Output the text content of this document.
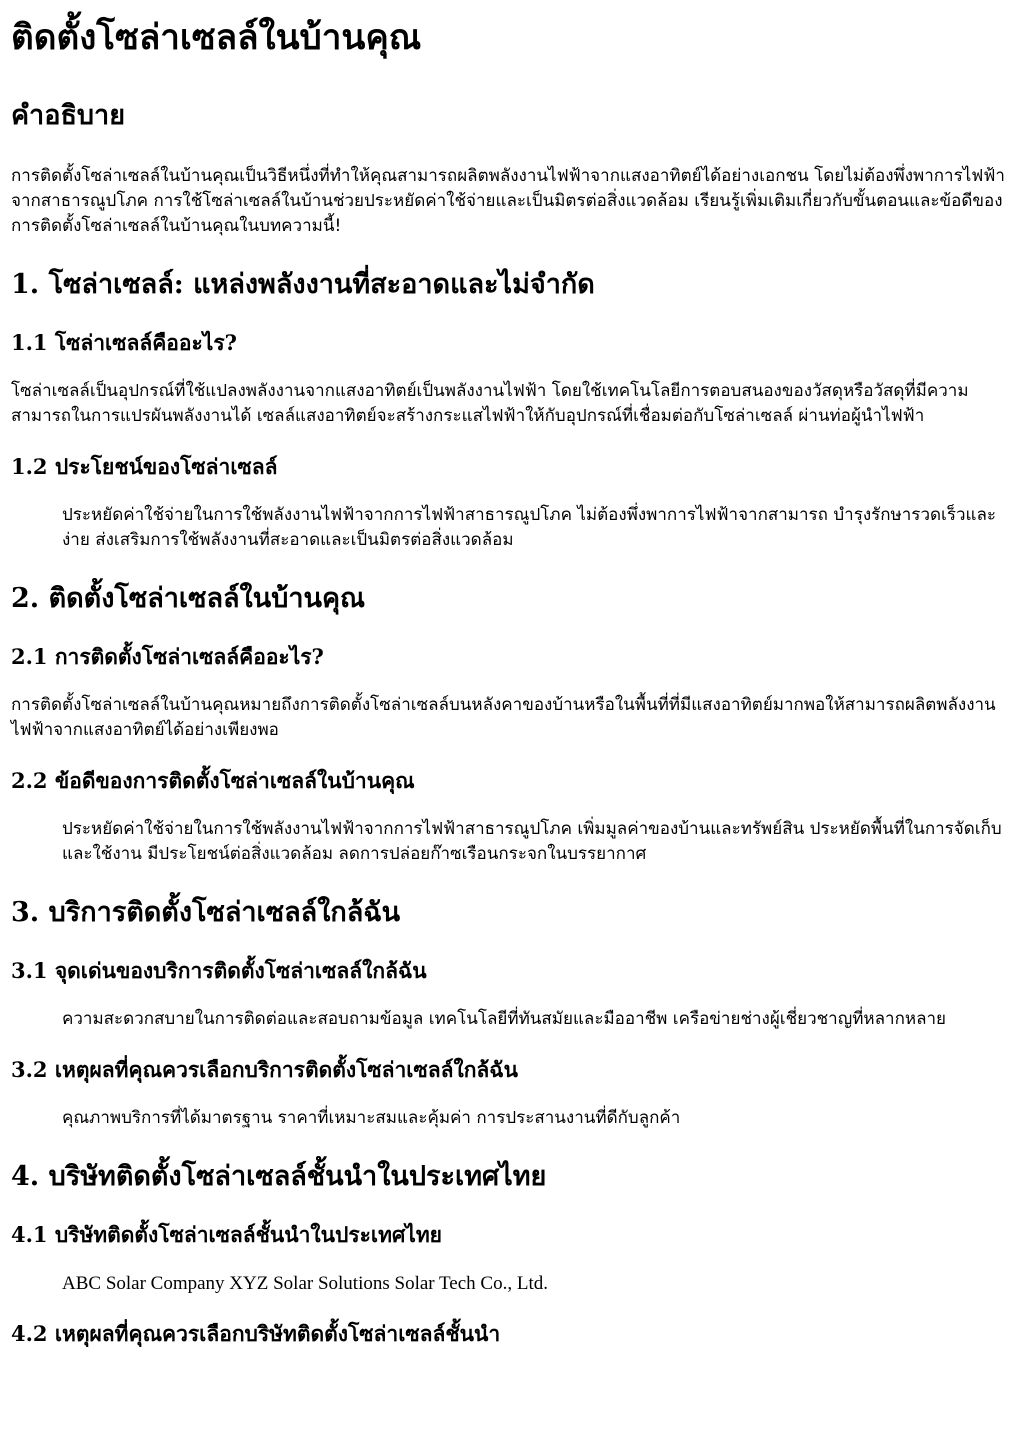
ติดตั้งโซล่าเซลล์ในบ้านคุณ
คำอธิบาย

การติดตั้งโซล่าเซลล์ในบ้านคุณเป็นวิธีหนึ่งที่ทำให้คุณสามารถผลิตพลังงานไฟฟ้าจากแสงอาทิตย์ได้อย่างเอกชน โดยไม่ต้องพึ่งพาการไฟฟ้าจากสาธารณูปโภค การใช้โซล่าเซลล์ในบ้านช่วยประหยัดค่าใช้จ่ายและเป็นมิตรต่อสิ่งแวดล้อม เรียนรู้เพิ่มเติมเกี่ยวกับขั้นตอนและข้อดีของการติดตั้งโซล่าเซลล์ในบ้านคุณในบทความนี้!

1. โซล่าเซลล์: แหล่งพลังงานที่สะอาดและไม่จำกัด
1.1 โซล่าเซลล์คืออะไร?

โซล่าเซลล์เป็นอุปกรณ์ที่ใช้แปลงพลังงานจากแสงอาทิตย์เป็นพลังงานไฟฟ้า โดยใช้เทคโนโลยีการตอบสนองของวัสดุหรือวัสดุที่มีความสามารถในการแปรผันพลังงานได้ เซลล์แสงอาทิตย์จะสร้างกระแสไฟฟ้าให้กับอุปกรณ์ที่เชื่อมต่อกับโซล่าเซลล์ ผ่านท่อผู้นำไฟฟ้า

1.2 ประโยชน์ของโซล่าเซลล์

ประหยัดค่าใช้จ่ายในการใช้พลังงานไฟฟ้าจากการไฟฟ้าสาธารณูปโภค ไม่ต้องพึ่งพาการไฟฟ้าจากสามารถ บำรุงรักษารวดเร็วและง่าย ส่งเสริมการใช้พลังงานที่สะอาดและเป็นมิตรต่อสิ่งแวดล้อม

2. ติดตั้งโซล่าเซลล์ในบ้านคุณ
2.1 การติดตั้งโซล่าเซลล์คืออะไร?

การติดตั้งโซล่าเซลล์ในบ้านคุณหมายถึงการติดตั้งโซล่าเซลล์บนหลังคาของบ้านหรือในพื้นที่ที่มีแสงอาทิตย์มากพอให้สามารถผลิตพลังงานไฟฟ้าจากแสงอาทิตย์ได้อย่างเพียงพอ

2.2 ข้อดีของการติดตั้งโซล่าเซลล์ในบ้านคุณ

ประหยัดค่าใช้จ่ายในการใช้พลังงานไฟฟ้าจากการไฟฟ้าสาธารณูปโภค เพิ่มมูลค่าของบ้านและทรัพย์สิน ประหยัดพื้นที่ในการจัดเก็บและใช้งาน มีประโยชน์ต่อสิ่งแวดล้อม ลดการปล่อยก๊าซเรือนกระจกในบรรยากาศ

3. บริการติดตั้งโซล่าเซลล์ใกล้ฉัน
3.1 จุดเด่นของบริการติดตั้งโซล่าเซลล์ใกล้ฉัน

ความสะดวกสบายในการติดต่อและสอบถามข้อมูล เทคโนโลยีที่ทันสมัยและมืออาชีพ เครือข่ายช่างผู้เชี่ยวชาญที่หลากหลาย

3.2 เหตุผลที่คุณควรเลือกบริการติดตั้งโซล่าเซลล์ใกล้ฉัน

คุณภาพบริการที่ได้มาตรฐาน ราคาที่เหมาะสมและคุ้มค่า การประสานงานที่ดีกับลูกค้า

4. บริษัทติดตั้งโซล่าเซลล์ชั้นนำในประเทศไทย
4.1 บริษัทติดตั้งโซล่าเซลล์ชั้นนำในประเทศไทย

ABC Solar Company XYZ Solar Solutions Solar Tech Co., Ltd.

4.2 เหตุผลที่คุณควรเลือกบริษัทติดตั้งโซล่าเซลล์ชั้นนำ
